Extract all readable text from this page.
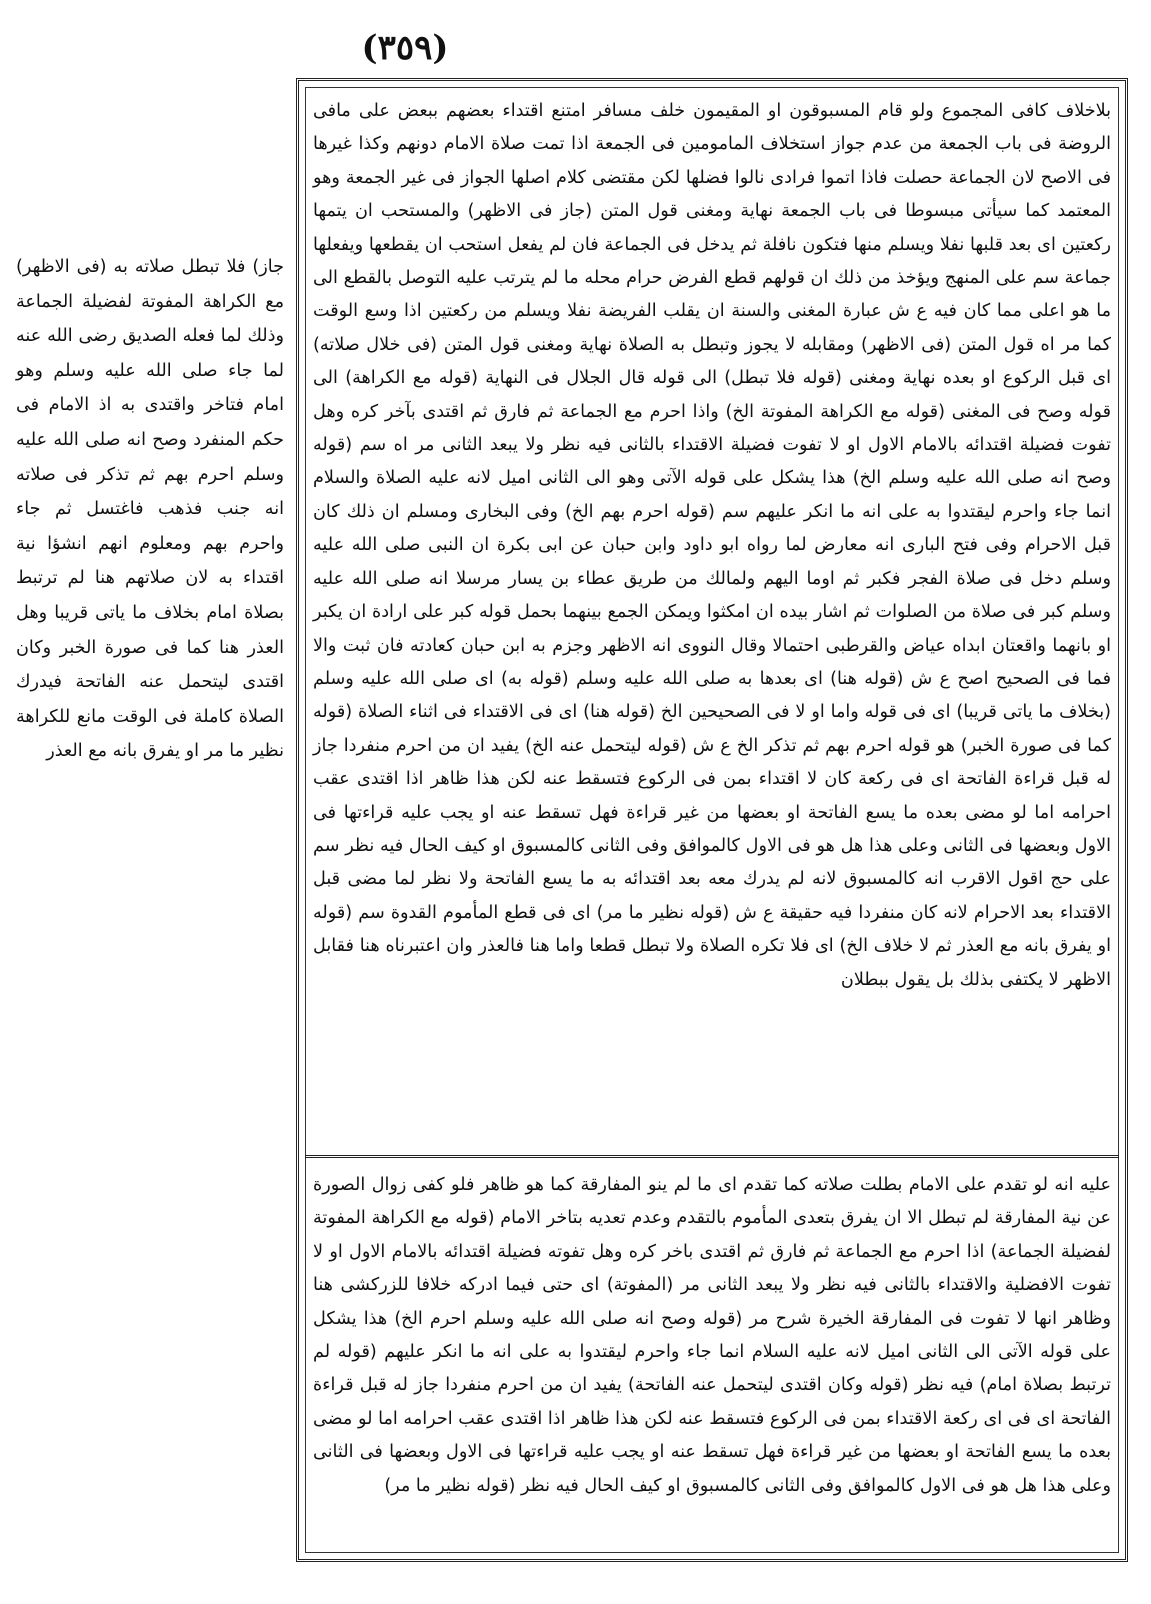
(٣٥٩)

بلاخلاف كافى المجموع ولو قام المسبوقون او المقيمون خلف مسافر امتنع اقتداء بعضهم ببعض على مافى الروضة فى باب الجمعة من عدم جواز استخلاف المامومين فى الجمعة اذا تمت صلاة الامام دونهم وكذا غيرها فى الاصح لان الجماعة حصلت فاذا اتموا فرادى نالوا فضلها لكن مقتضى كلام اصلها الجواز فى غير الجمعة وهو المعتمد كما سيأتى مبسوطا فى باب الجمعة نهاية ومغنى قول المتن (جاز فى الاظهر) والمستحب ان يتمها ركعتين اى بعد قلبها نفلا ويسلم منها فتكون نافلة ثم يدخل فى الجماعة فان لم يفعل استحب ان يقطعها ويفعلها جماعة سم على المنهج ويؤخذ من ذلك ان قولهم قطع الفرض حرام محله ما لم يترتب عليه التوصل بالقطع الى ما هو اعلى مما كان فيه ع ش عبارة المغنى والسنة ان يقلب الفريضة نفلا ويسلم من ركعتين اذا وسع الوقت كما مر اه قول المتن (فى الاظهر) ومقابله لا يجوز وتبطل به الصلاة نهاية ومغنى قول المتن (فى خلال صلاته) اى قبل الركوع او بعده نهاية ومغنى (قوله فلا تبطل) الى قوله قال الجلال فى النهاية (قوله مع الكراهة) الى قوله وصح فى المغنى (قوله مع الكراهة المفوتة الخ) واذا احرم مع الجماعة ثم فارق ثم اقتدى بآخر كره وهل تفوت فضيلة اقتدائه بالامام الاول او لا تفوت فضيلة الاقتداء بالثانى فيه نظر ولا يبعد الثانى مر اه سم (قوله وصح انه صلى الله عليه وسلم الخ) هذا يشكل على قوله الآتى وهو الى الثانى اميل لانه عليه الصلاة والسلام انما جاء واحرم ليقتدوا به على انه ما انكر عليهم سم (قوله احرم بهم الخ) وفى البخارى ومسلم ان ذلك كان قبل الاحرام وفى فتح البارى انه معارض لما رواه ابو داود وابن حبان عن ابى بكرة ان النبى صلى الله عليه وسلم دخل فى صلاة الفجر فكبر ثم اوما اليهم ولمالك من طريق عطاء بن يسار مرسلا انه صلى الله عليه وسلم كبر فى صلاة من الصلوات ثم اشار بيده ان امكثوا ويمكن الجمع بينهما بحمل قوله كبر على ارادة ان يكبر او بانهما واقعتان ابداه عياض والقرطبى احتمالا وقال النووى انه الاظهر وجزم به ابن حبان كعادته فان ثبت والا فما فى الصحيح اصح ع ش (قوله هنا) اى بعدها به صلى الله عليه وسلم (قوله به) اى صلى الله عليه وسلم (بخلاف ما ياتى قريبا) اى فى قوله واما او لا فى الصحيحين الخ (قوله هنا) اى فى الاقتداء فى اثناء الصلاة (قوله كما فى صورة الخبر) هو قوله احرم بهم ثم تذكر الخ ع ش (قوله ليتحمل عنه الخ) يفيد ان من احرم منفردا جاز له قبل قراءة الفاتحة اى فى ركعة كان لا اقتداء بمن فى الركوع فتسقط عنه لكن هذا ظاهر اذا اقتدى عقب احرامه اما لو مضى بعده ما يسع الفاتحة او بعضها من غير قراءة فهل تسقط عنه او يجب عليه قراءتها فى الاول وبعضها فى الثانى وعلى هذا هل هو فى الاول كالموافق وفى الثانى كالمسبوق او كيف الحال فيه نظر سم على حج اقول الاقرب انه كالمسبوق لانه لم يدرك معه بعد اقتدائه به ما يسع الفاتحة ولا نظر لما مضى قبل الاقتداء بعد الاحرام لانه كان منفردا فيه حقيقة ع ش (قوله نظير ما مر) اى فى قطع المأموم القدوة سم (قوله او يفرق بانه مع العذر ثم لا خلاف الخ) اى فلا تكره الصلاة ولا تبطل قطعا واما هنا فالعذر وان اعتبرناه هنا فقابل الاظهر لا يكتفى بذلك بل يقول ببطلان

عليه انه لو تقدم على الامام بطلت صلاته كما تقدم اى ما لم ينو المفارقة كما هو ظاهر فلو كفى زوال الصورة عن نية المفارقة لم تبطل الا ان يفرق بتعدى المأموم بالتقدم وعدم تعديه بتاخر الامام (قوله مع الكراهة المفوتة لفضيلة الجماعة) اذا احرم مع الجماعة ثم فارق ثم اقتدى باخر كره وهل تفوته فضيلة اقتدائه بالامام الاول او لا تفوت الافضلية والاقتداء بالثانى فيه نظر ولا يبعد الثانى مر (المفوتة) اى حتى فيما ادركه خلافا للزركشى هنا وظاهر انها لا تفوت فى المفارقة الخيرة شرح مر (قوله وصح انه صلى الله عليه وسلم احرم الخ) هذا يشكل على قوله الآتى الى الثانى اميل لانه عليه السلام انما جاء واحرم ليقتدوا به على انه ما انكر عليهم (قوله لم ترتبط بصلاة امام) فيه نظر (قوله وكان اقتدى ليتحمل عنه الفاتحة) يفيد ان من احرم منفردا جاز له قبل قراءة الفاتحة اى فى اى ركعة الاقتداء بمن فى الركوع فتسقط عنه لكن هذا ظاهر اذا اقتدى عقب احرامه اما لو مضى بعده ما يسع الفاتحة او بعضها من غير قراءة فهل تسقط عنه او يجب عليه قراءتها فى الاول وبعضها فى الثانى وعلى هذا هل هو فى الاول كالموافق وفى الثانى كالمسبوق او كيف الحال فيه نظر (قوله نظير ما مر)

جاز) فلا تبطل صلاته به (فى الاظهر) مع الكراهة المفوتة لفضيلة الجماعة وذلك لما فعله الصديق رضى الله عنه لما جاء صلى الله عليه وسلم وهو امام فتاخر واقتدى به اذ الامام فى حكم المنفرد وصح انه صلى الله عليه وسلم احرم بهم ثم تذكر فى صلاته انه جنب فذهب فاغتسل ثم جاء واحرم بهم ومعلوم انهم انشؤا نية اقتداء به لان صلاتهم هنا لم ترتبط بصلاة امام بخلاف ما ياتى قريبا وهل العذر هنا كما فى صورة الخبر وكان اقتدى ليتحمل عنه الفاتحة فيدرك الصلاة كاملة فى الوقت مانع للكراهة نظير ما مر او يفرق بانه مع العذر
